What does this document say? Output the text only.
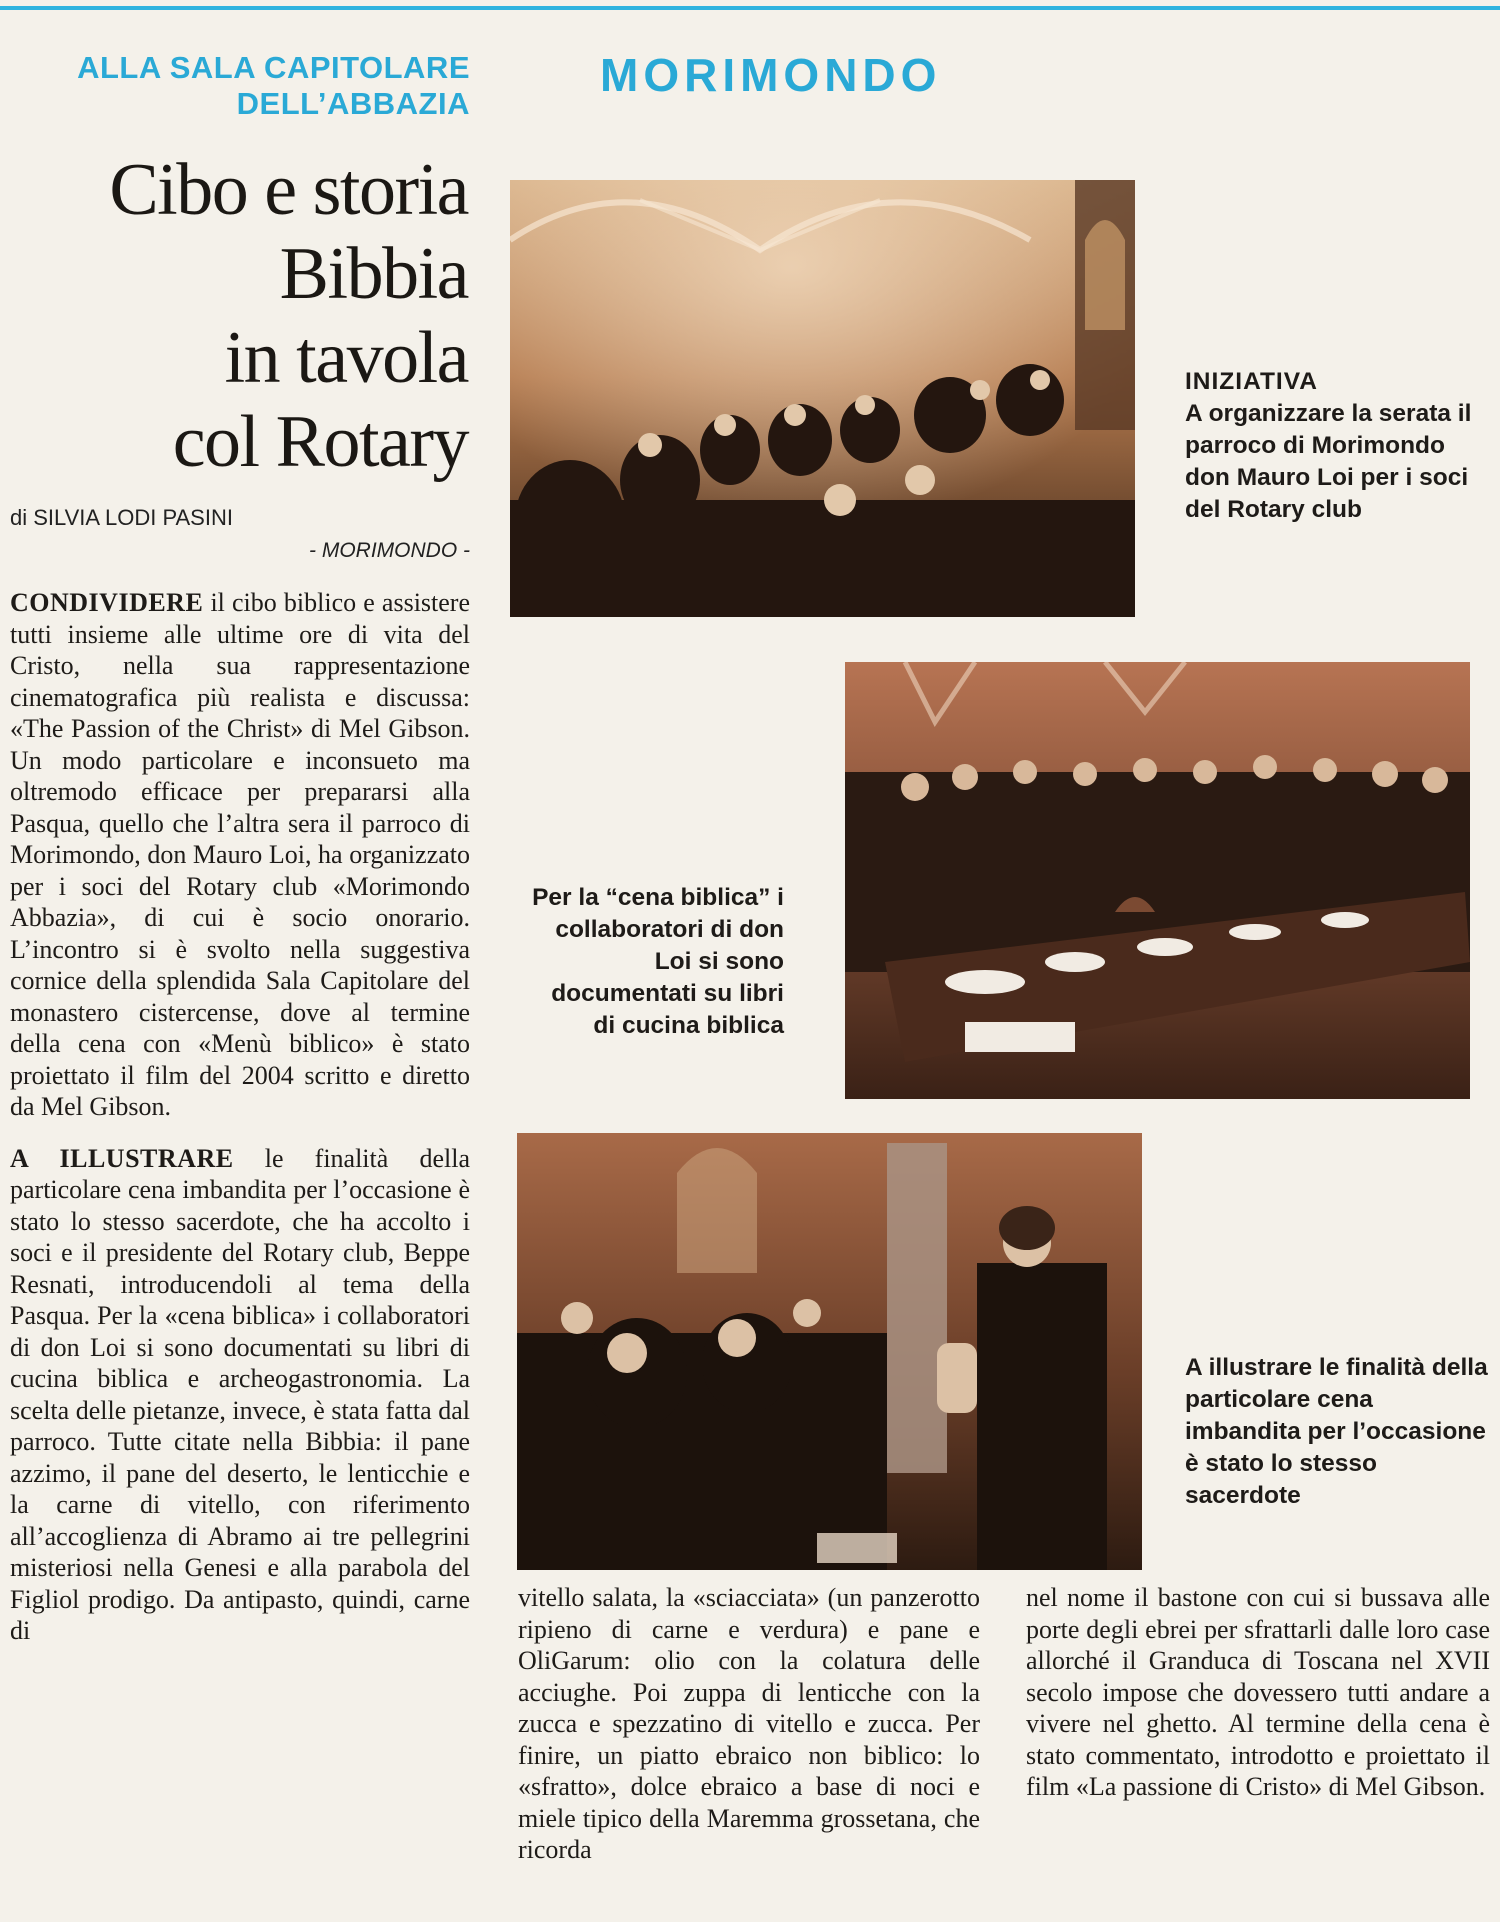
ALLA SALA CAPITOLARE
DELL’ABBAZIA
MORIMONDO
Cibo e storia
Bibbia
in tavola
col Rotary
di SILVIA LODI PASINI
- MORIMONDO -

CONDIVIDERE il cibo biblico e assistere tutti insieme alle ultime ore di vita del Cristo, nella sua rappresentazione cinematografica più realista e discussa: «The Passion of the Christ» di Mel Gibson. Un modo particolare e inconsueto ma oltremodo efficace per prepararsi alla Pasqua, quello che l’altra sera il parroco di Morimondo, don Mauro Loi, ha organizzato per i soci del Rotary club «Morimondo Abbazia», di cui è socio onorario. L’incontro si è svolto nella suggestiva cornice della splendida Sala Capitolare del monastero cistercense, dove al termine della cena con «Menù biblico» è stato proiettato il film del 2004 scritto e diretto da Mel Gibson.

A ILLUSTRARE le finalità della particolare cena imbandita per l’occasione è stato lo stesso sacerdote, che ha accolto i soci e il presidente del Rotary club, Beppe Resnati, introducendoli al tema della Pasqua. Per la «cena biblica» i collaboratori di don Loi si sono documentati su libri di cucina biblica e archeogastronomia. La scelta delle pietanze, invece, è stata fatta dal parroco. Tutte citate nella Bibbia: il pane azzimo, il pane del deserto, le lenticchie e la carne di vitello, con riferimento all’accoglienza di Abramo ai tre pellegrini misteriosi nella Genesi e alla parabola del Figliol prodigo. Da antipasto, quindi, carne di

vitello salata, la «sciacciata» (un panzerotto ripieno di carne e verdura) e pane e OliGarum: olio con la colatura delle acciughe. Poi zuppa di lenticche con la zucca e spezzatino di vitello e zucca. Per finire, un piatto ebraico non biblico: lo «sfratto», dolce ebraico a base di noci e miele tipico della Maremma grossetana, che ricorda
nel nome il bastone con cui si bussava alle porte degli ebrei per sfrattarli dalle loro case allorché il Granduca di Toscana nel XVII secolo impose che dovessero tutti andare a vivere nel ghetto. Al termine della cena è stato commentato, introdotto e proiettato il film «La passione di Cristo» di Mel Gibson.
INIZIATIVA
A organizzare la serata il parroco di Morimondo don Mauro Loi per i soci del Rotary club
Per la “cena biblica” i collaboratori di don Loi si sono documentati su libri di cucina biblica
A illustrare le finalità della particolare cena imbandita per l’occasione è stato lo stesso sacerdote
